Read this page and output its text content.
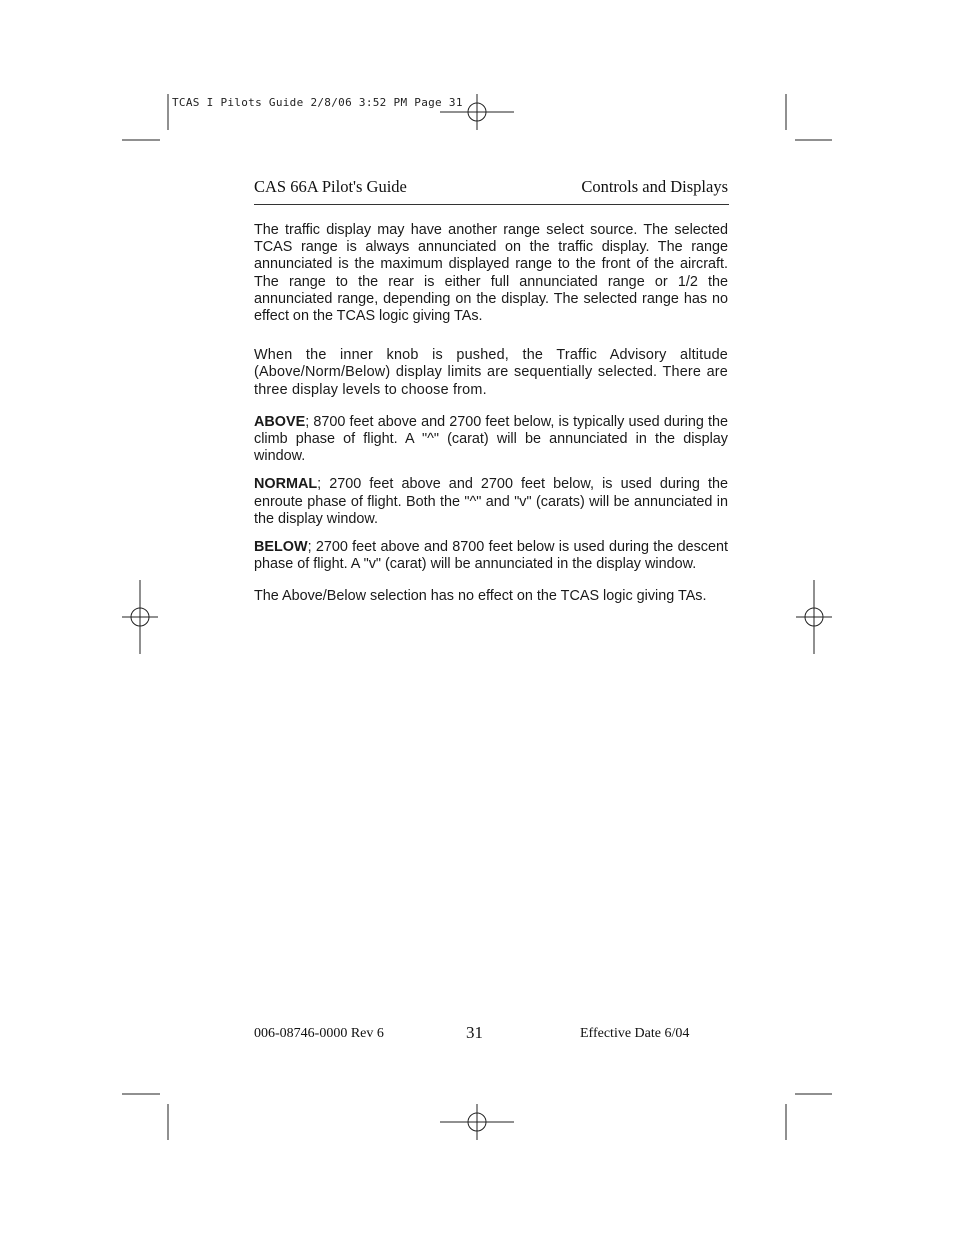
TCAS I Pilots Guide 2/8/06 3:52 PM Page 31
CAS 66A Pilot's Guide	Controls and Displays

The traffic display may have another range select source. The selected TCAS range is always annunciated on the traffic display. The range annunciated is the maximum displayed range to the front of the aircraft. The range to the rear is either full annunciated range or 1/2 the annunciated range, depending on the display. The selected range has no effect on the TCAS logic giving TAs.

When the inner knob is pushed, the Traffic Advisory altitude (Above/Norm/Below) display limits are sequentially selected. There are three display levels to choose from.

ABOVE; 8700 feet above and 2700 feet below, is typically used during the climb phase of flight. A "^" (carat) will be annunciated in the display window.

NORMAL; 2700 feet above and 2700 feet below, is used during the enroute phase of flight. Both the "^" and "v" (carats) will be annunciated in the display window.

BELOW; 2700 feet above and 8700 feet below is used during the descent phase of flight. A "v" (carat) will be annunciated in the display window.

The Above/Below selection has no effect on the TCAS logic giving TAs.

006-08746-0000 Rev 6	31	Effective Date 6/04
